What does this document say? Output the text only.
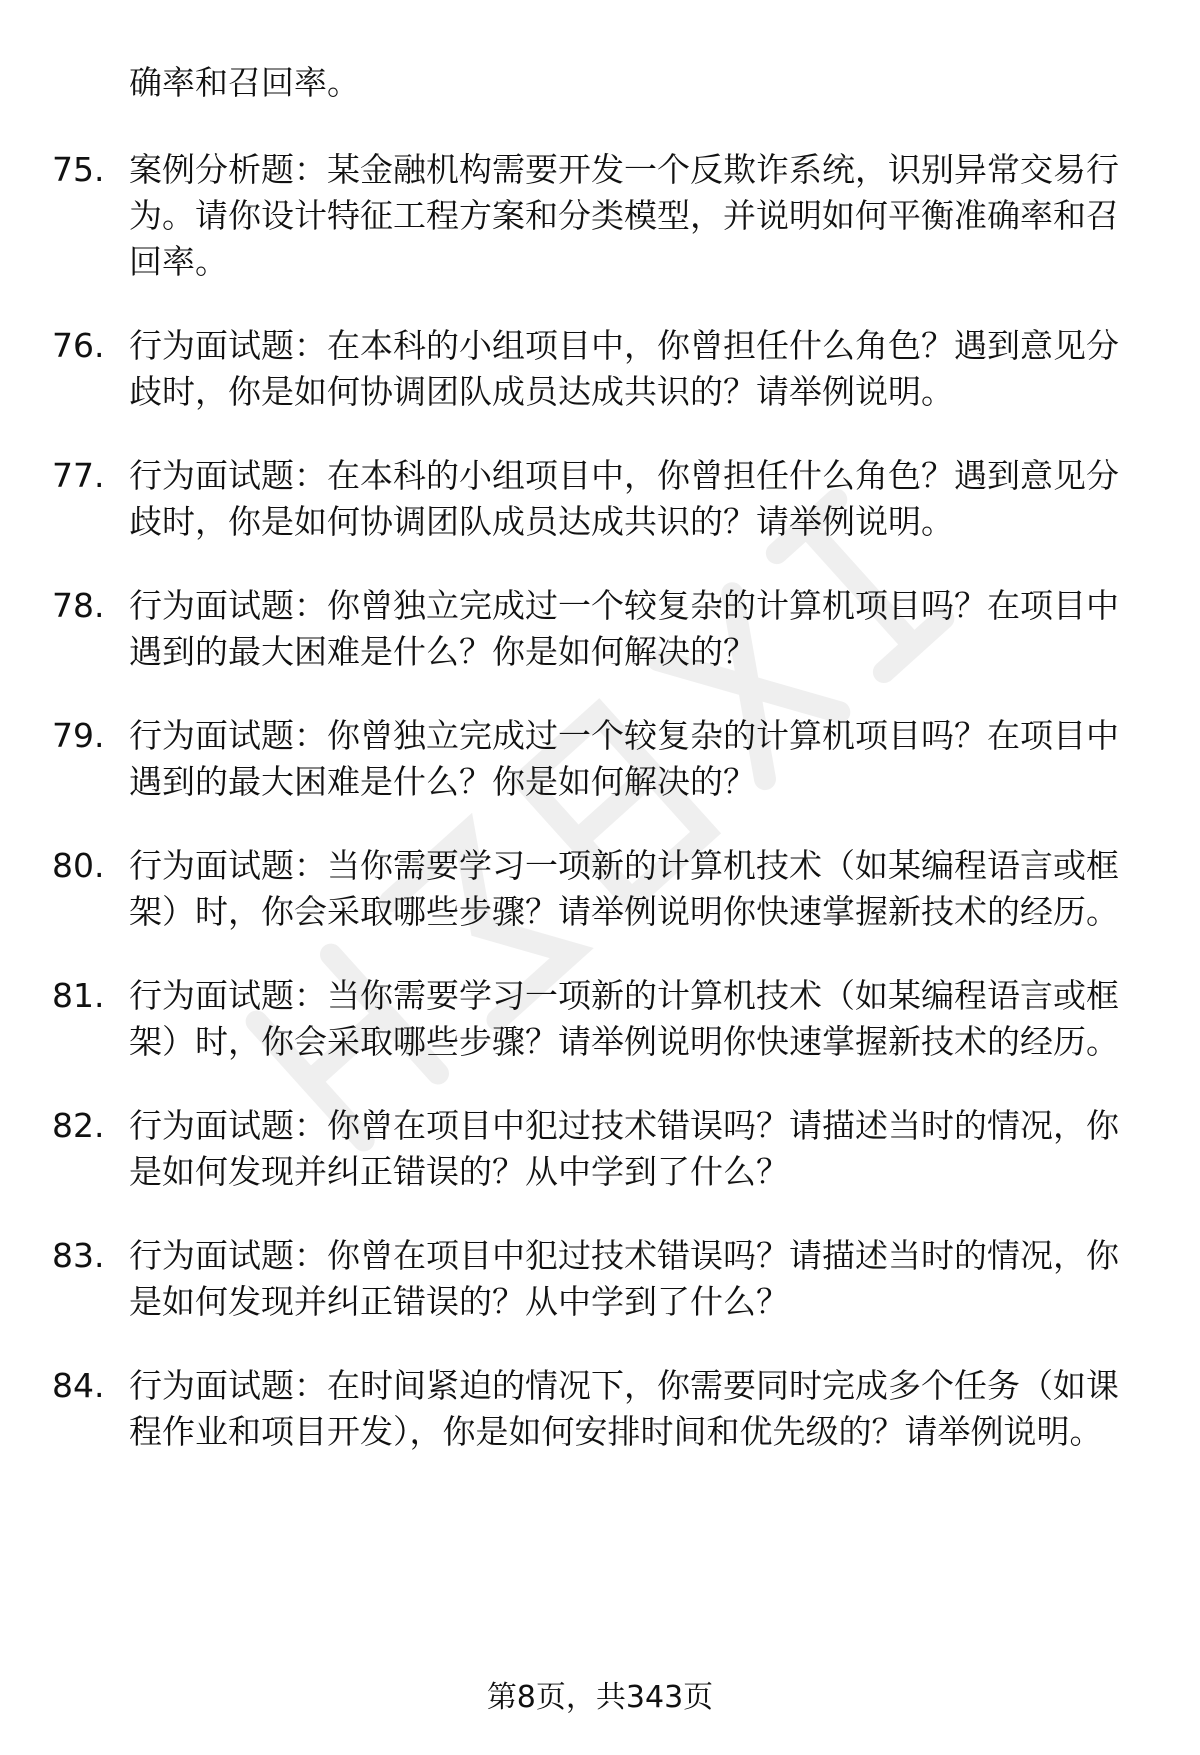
确率和召回率。

75. 案例分析题：某金融机构需要开发一个反欺诈系统，识别异常交易行为。请你设计特征工程方案和分类模型，并说明如何平衡准确率和召回率。
76. 行为面试题：在本科的小组项目中，你曾担任什么角色？遇到意见分歧时，你是如何协调团队成员达成共识的？请举例说明。
77. 行为面试题：在本科的小组项目中，你曾担任什么角色？遇到意见分歧时，你是如何协调团队成员达成共识的？请举例说明。
78. 行为面试题：你曾独立完成过一个较复杂的计算机项目吗？在项目中遇到的最大困难是什么？你是如何解决的？
79. 行为面试题：你曾独立完成过一个较复杂的计算机项目吗？在项目中遇到的最大困难是什么？你是如何解决的？
80. 行为面试题：当你需要学习一项新的计算机技术（如某编程语言或框架）时，你会采取哪些步骤？请举例说明你快速掌握新技术的经历。
81. 行为面试题：当你需要学习一项新的计算机技术（如某编程语言或框架）时，你会采取哪些步骤？请举例说明你快速掌握新技术的经历。
82. 行为面试题：你曾在项目中犯过技术错误吗？请描述当时的情况，你是如何发现并纠正错误的？从中学到了什么？
83. 行为面试题：你曾在项目中犯过技术错误吗？请描述当时的情况，你是如何发现并纠正错误的？从中学到了什么？
84. 行为面试题：在时间紧迫的情况下，你需要同时完成多个任务（如课程作业和项目开发），你是如何安排时间和优先级的？请举例说明。
第8页，共343页
